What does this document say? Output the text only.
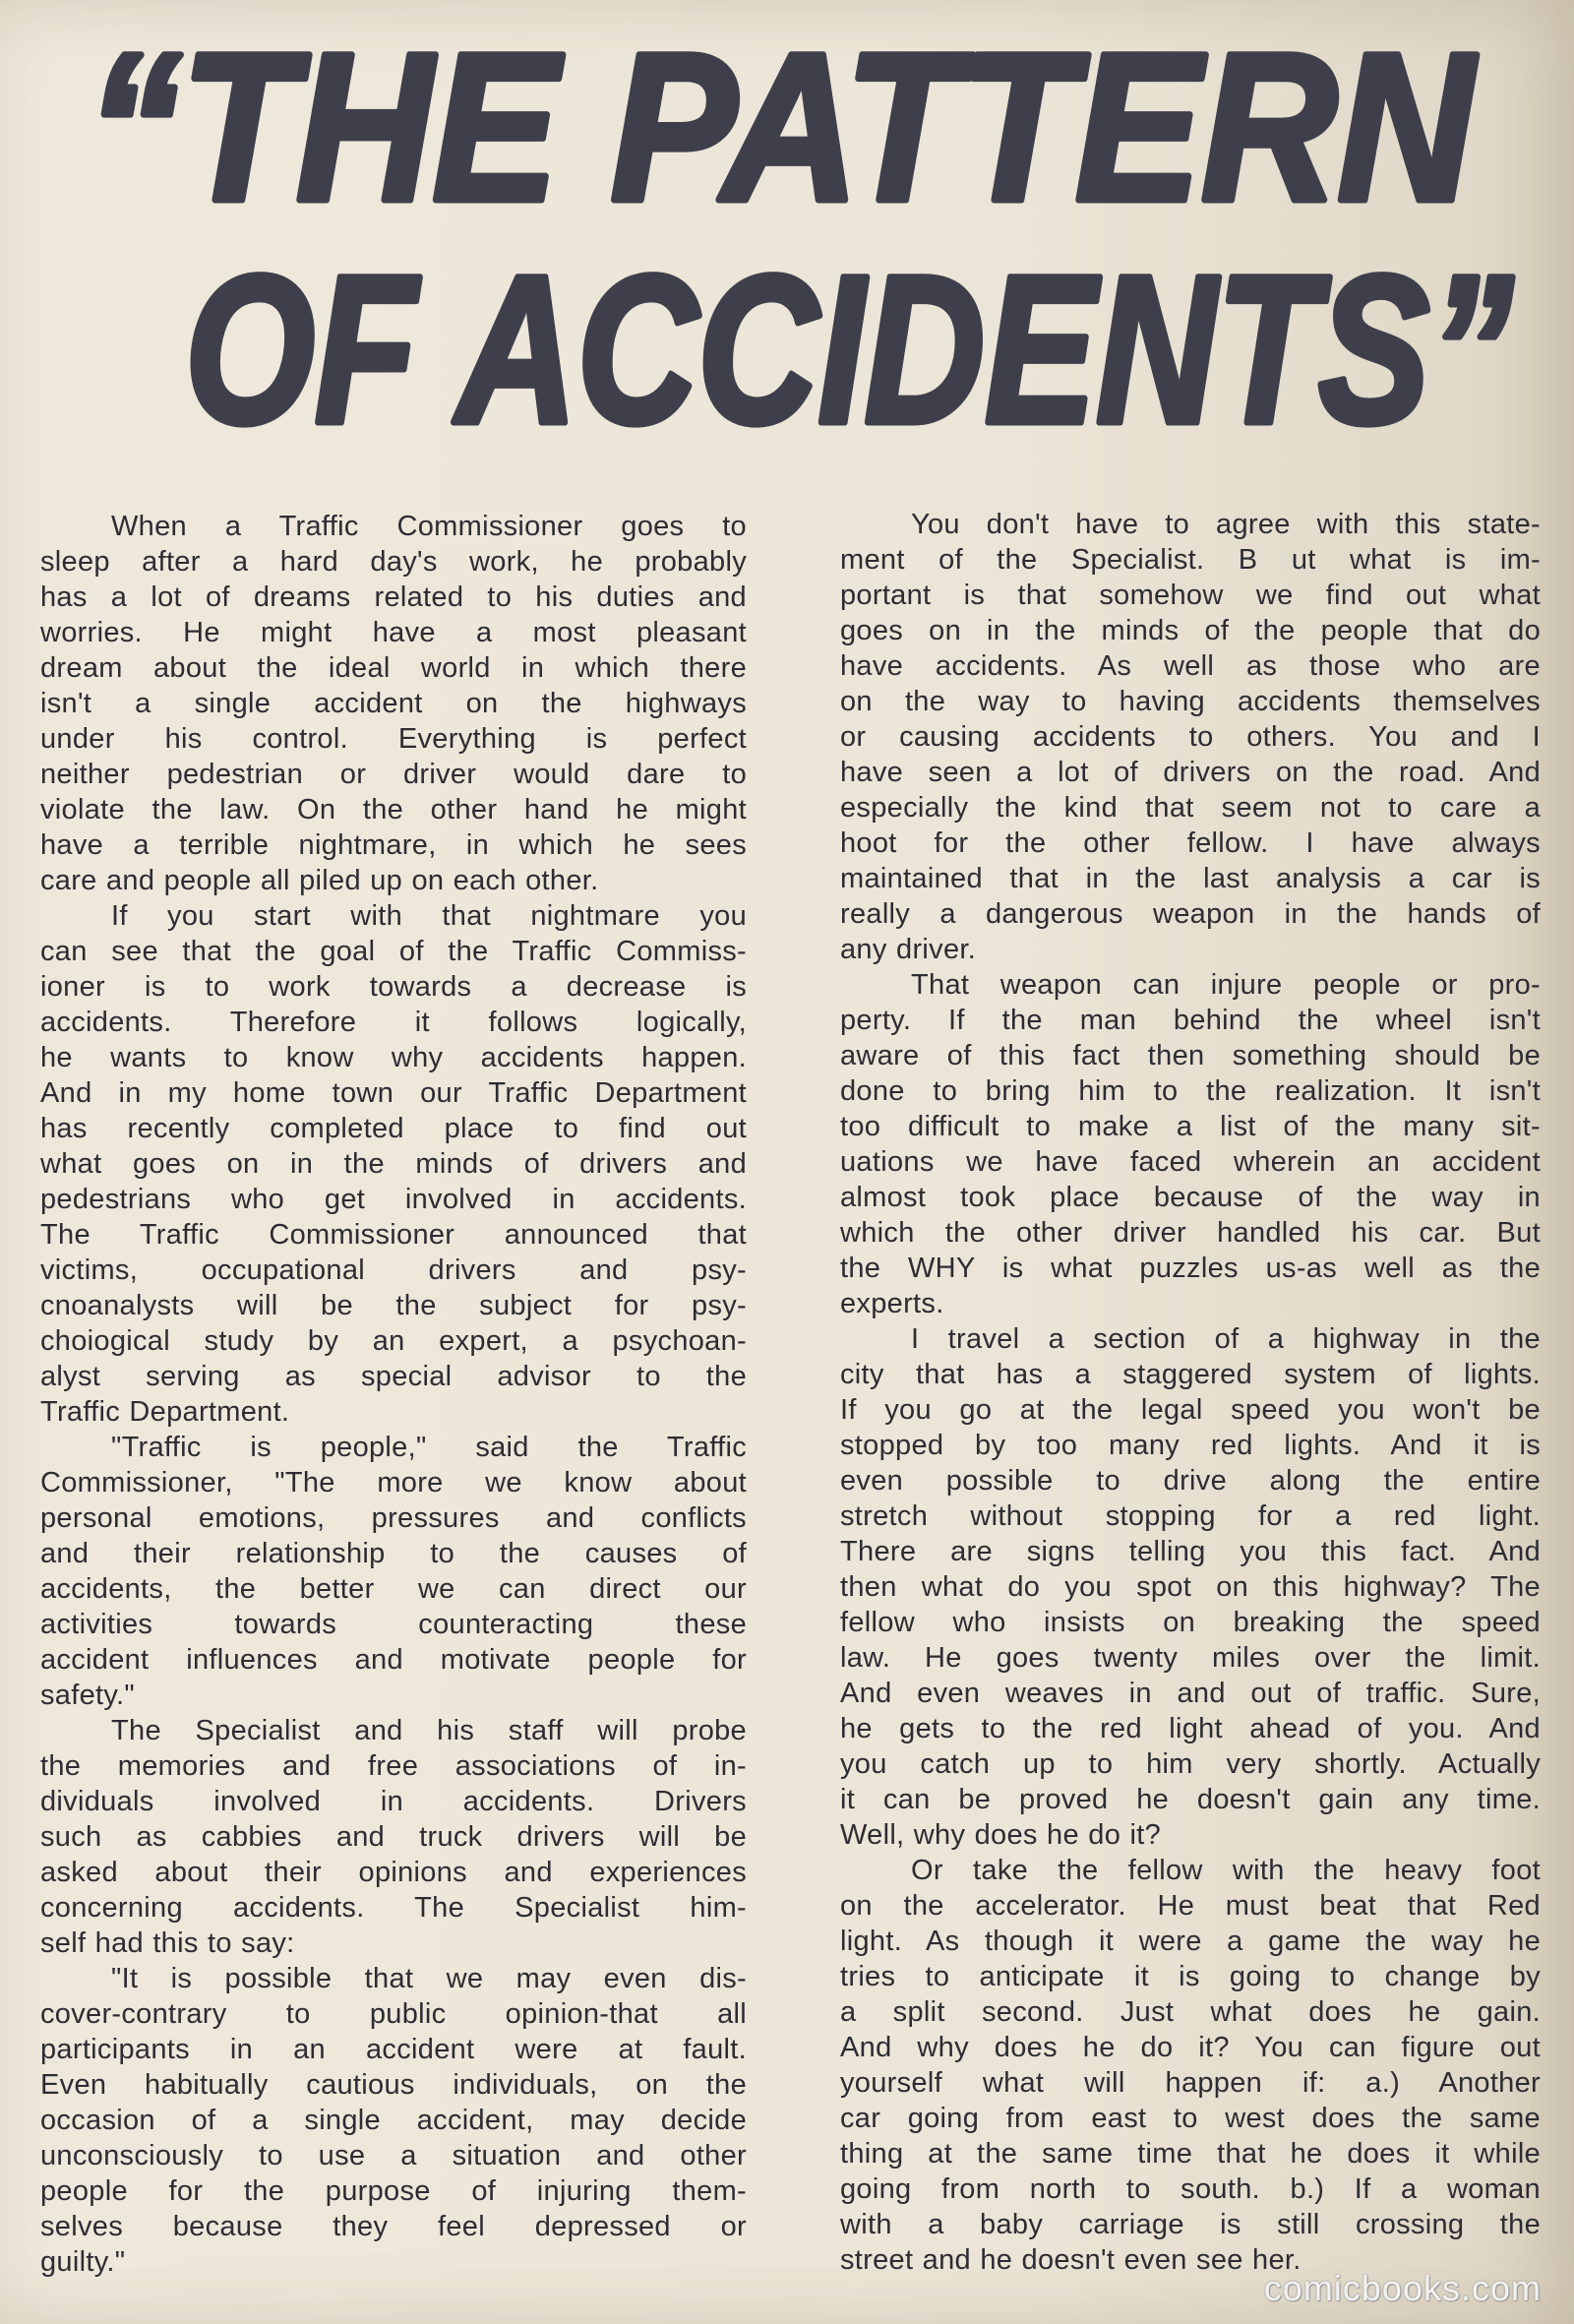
“THE PATTERN
OF ACCIDENTS”
When a Traffic Commissioner goes to
sleep after a hard day's work, he probably
has a lot of dreams related to his duties and
worries. He might have a most pleasant
dream about the ideal world in which there
isn't a single accident on the highways
under his control. Everything is perfect
neither pedestrian or driver would dare to
violate the law. On the other hand he might
have a terrible nightmare, in which he sees
care and people all piled up on each other.
If you start with that nightmare you
can see that the goal of the Traffic Commiss-
ioner is to work towards a decrease is
accidents. Therefore it follows logically,
he wants to know why accidents happen.
And in my home town our Traffic Department
has recently completed place to find out
what goes on in the minds of drivers and
pedestrians who get involved in accidents.
The Traffic Commissioner announced that
victims, occupational drivers and psy-
cnoanalysts will be the subject for psy-
choiogical study by an expert, a psychoan-
alyst serving as special advisor to the
Traffic Department.
"Traffic is people," said the Traffic
Commissioner, "The more we know about
personal emotions, pressures and conflicts
and their relationship to the causes of
accidents, the better we can direct our
activities towards counteracting these
accident influences and motivate people for
safety."
The Specialist and his staff will probe
the memories and free associations of in-
dividuals involved in accidents. Drivers
such as cabbies and truck drivers will be
asked about their opinions and experiences
concerning accidents. The Specialist him-
self had this to say:
"It is possible that we may even dis-
cover-contrary to public opinion-that all
participants in an accident were at fault.
Even habitually cautious individuals, on the
occasion of a single accident, may decide
unconsciously to use a situation and other
people for the purpose of injuring them-
selves because they feel depressed or
guilty."
You don't have to agree with this state-
ment of the Specialist. B ut what is im-
portant is that somehow we find out what
goes on in the minds of the people that do
have accidents. As well as those who are
on the way to having accidents themselves
or causing accidents to others. You and I
have seen a lot of drivers on the road. And
especially the kind that seem not to care a
hoot for the other fellow. I have always
maintained that in the last analysis a car is
really a dangerous weapon in the hands of
any driver.
That weapon can injure people or pro-
perty. If the man behind the wheel isn't
aware of this fact then something should be
done to bring him to the realization. It isn't
too difficult to make a list of the many sit-
uations we have faced wherein an accident
almost took place because of the way in
which the other driver handled his car. But
the WHY is what puzzles us-as well as the
experts.
I travel a section of a highway in the
city that has a staggered system of lights.
If you go at the legal speed you won't be
stopped by too many red lights. And it is
even possible to drive along the entire
stretch without stopping for a red light.
There are signs telling you this fact. And
then what do you spot on this highway? The
fellow who insists on breaking the speed
law. He goes twenty miles over the limit.
And even weaves in and out of traffic. Sure,
he gets to the red light ahead of you. And
you catch up to him very shortly. Actually
it can be proved he doesn't gain any time.
Well, why does he do it?
Or take the fellow with the heavy foot
on the accelerator. He must beat that Red
light. As though it were a game the way he
tries to anticipate it is going to change by
a split second. Just what does he gain.
And why does he do it? You can figure out
yourself what will happen if: a.) Another
car going from east to west does the same
thing at the same time that he does it while
going from north to south. b.) If a woman
with a baby carriage is still crossing the
street and he doesn't even see her.
comicbooks.com
